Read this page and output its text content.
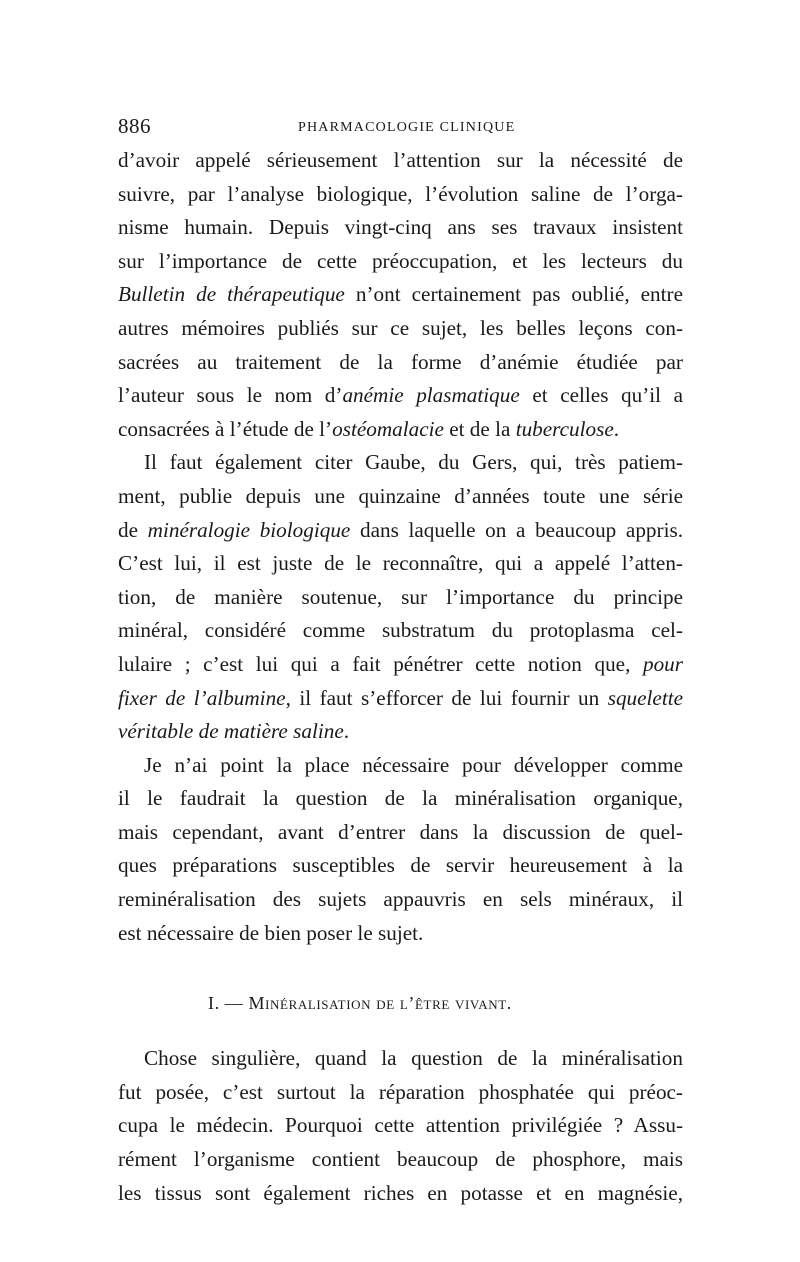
886	PHARMACOLOGIE CLINIQUE

d’avoir appelé sérieusement l’attention sur la nécessité de
suivre, par l’analyse biologique, l’évolution saline de l’orga-
nisme humain. Depuis vingt-cinq ans ses travaux insistent
sur l’importance de cette préoccupation, et les lecteurs du
Bulletin de thérapeutique n’ont certainement pas oublié, entre
autres mémoires publiés sur ce sujet, les belles leçons con-
sacrées au traitement de la forme d’anémie étudiée par
l’auteur sous le nom d’anémie plasmatique et celles qu’il a
consacrées à l’étude de l’ostéomalacie et de la tuberculose.

Il faut également citer Gaube, du Gers, qui, très patiem-
ment, publie depuis une quinzaine d’années toute une série
de minéralogie biologique dans laquelle on a beaucoup appris.
C’est lui, il est juste de le reconnaître, qui a appelé l’atten-
tion, de manière soutenue, sur l’importance du principe
minéral, considéré comme substratum du protoplasma cel-
lulaire ; c’est lui qui a fait pénétrer cette notion que, pour
fixer de l’albumine, il faut s’efforcer de lui fournir un squelette
véritable de matière saline.

Je n’ai point la place nécessaire pour développer comme
il le faudrait la question de la minéralisation organique,
mais cependant, avant d’entrer dans la discussion de quel-
ques préparations susceptibles de servir heureusement à la
reminéralisation des sujets appauvris en sels minéraux, il
est nécessaire de bien poser le sujet.

I. — Minéralisation de l’être vivant.

Chose singulière, quand la question de la minéralisation
fut posée, c’est surtout la réparation phosphatée qui préoc-
cupa le médecin. Pourquoi cette attention privilégiée ? Assu-
rément l’organisme contient beaucoup de phosphore, mais
les tissus sont également riches en potasse et en magnésie,
